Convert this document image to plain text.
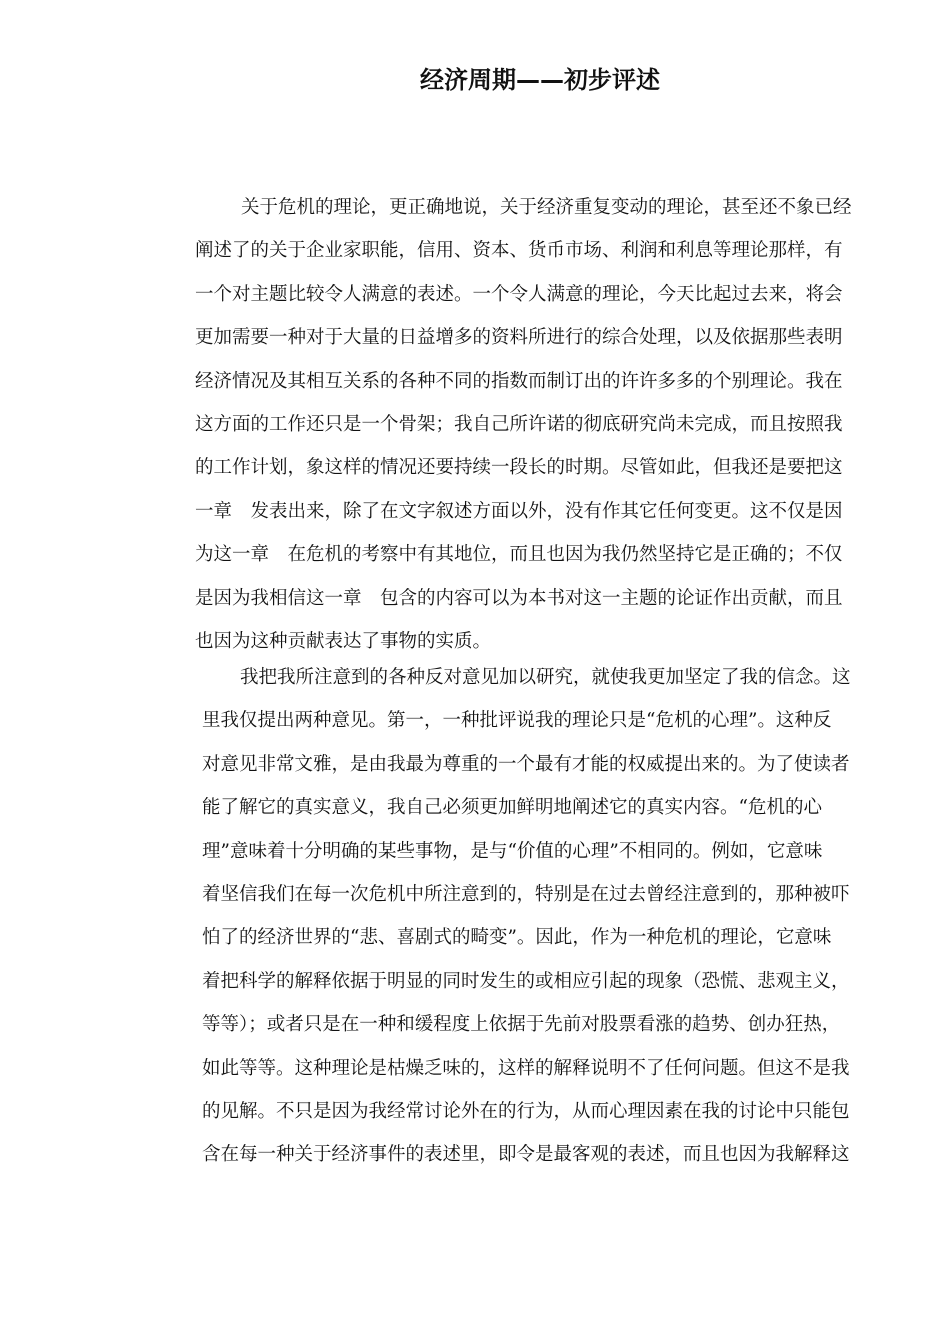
经济周期——初步评述
关于危机的理论，更正确地说，关于经济重复变动的理论，甚至还不象已经
阐述了的关于企业家职能，信用、资本、货币市场、利润和利息等理论那样，有
一个对主题比较令人满意的表述。一个令人满意的理论，今天比起过去来，将会
更加需要一种对于大量的日益增多的资料所进行的综合处理，以及依据那些表明
经济情况及其相互关系的各种不同的指数而制订出的许许多多的个别理论。我在
这方面的工作还只是一个骨架；我自己所许诺的彻底研究尚未完成，而且按照我
的工作计划，象这样的情况还要持续一段长的时期。尽管如此，但我还是要把这
一章　发表出来，除了在文字叙述方面以外，没有作其它任何变更。这不仅是因
为这一章　在危机的考察中有其地位，而且也因为我仍然坚持它是正确的；不仅
是因为我相信这一章　包含的内容可以为本书对这一主题的论证作出贡献，而且
也因为这种贡献表达了事物的实质。
我把我所注意到的各种反对意见加以研究，就使我更加坚定了我的信念。这
里我仅提出两种意见。第一，一种批评说我的理论只是“危机的心理”。这种反
对意见非常文雅，是由我最为尊重的一个最有才能的权威提出来的。为了使读者
能了解它的真实意义，我自己必须更加鲜明地阐述它的真实内容。“危机的心
理”意味着十分明确的某些事物，是与“价值的心理”不相同的。例如，它意味
着坚信我们在每一次危机中所注意到的，特别是在过去曾经注意到的，那种被吓
怕了的经济世界的“悲、喜剧式的畸变”。因此，作为一种危机的理论，它意味
着把科学的解释依据于明显的同时发生的或相应引起的现象（恐慌、悲观主义，
等等）；或者只是在一种和缓程度上依据于先前对股票看涨的趋势、创办狂热，
如此等等。这种理论是枯燥乏味的，这样的解释说明不了任何问题。但这不是我
的见解。不只是因为我经常讨论外在的行为，从而心理因素在我的讨论中只能包
含在每一种关于经济事件的表述里，即令是最客观的表述，而且也因为我解释这
